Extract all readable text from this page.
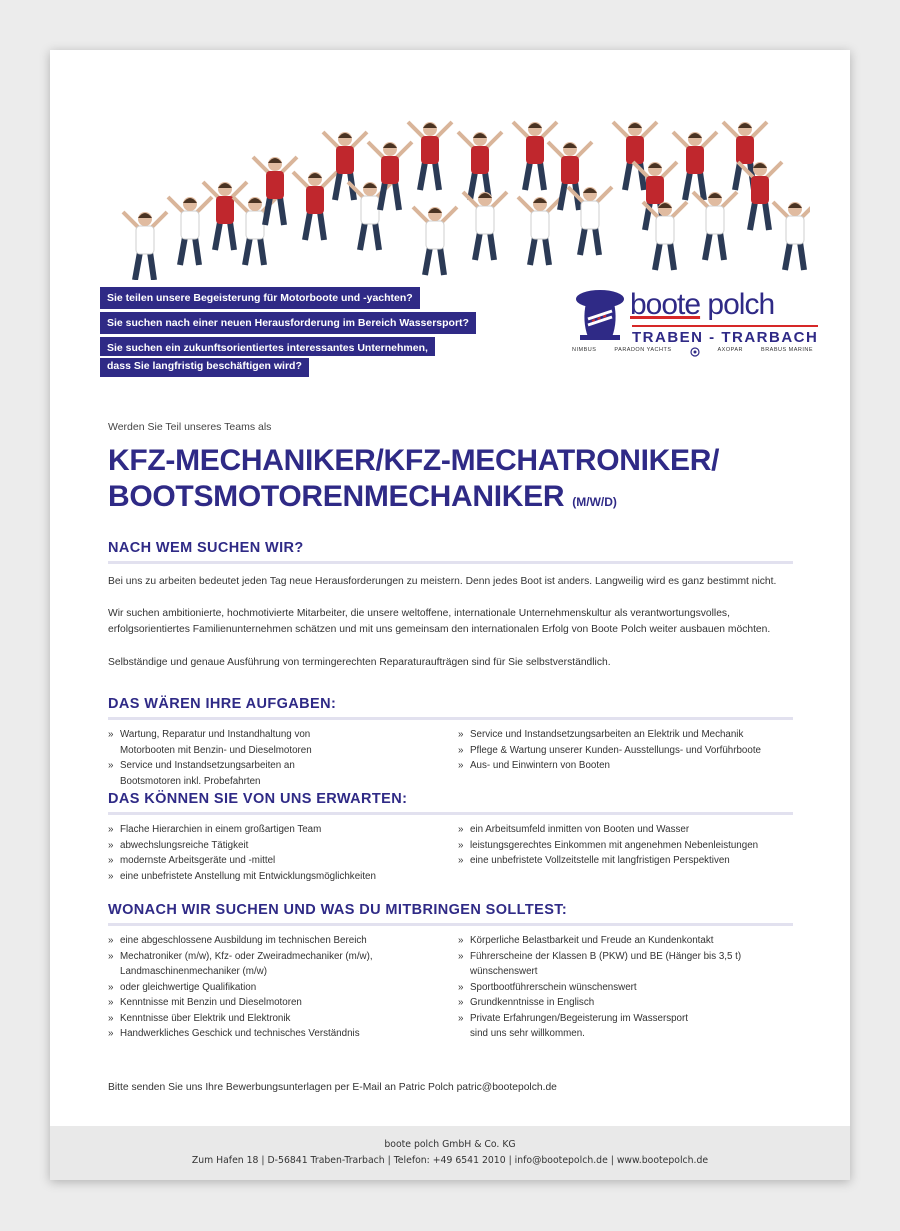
Sie teilen unsere Begeisterung für Motorboote und -yachten?
Sie suchen nach einer neuen Herausforderung im Bereich Wassersport?
Sie suchen ein zukunftsorientiertes interessantes Unternehmen,
dass Sie langfristig beschäftigen wird?
boote polch
TRABEN - TRARBACH
NIMBUS	PARADON YACHTS	AXOPAR	BRABUS MARINE
Werden Sie Teil unseres Teams als
KFZ-MECHANIKER/KFZ-MECHATRONIKER/
BOOTSMOTORENMECHANIKER (M/W/D)
NACH WEM SUCHEN WIR?
Bei uns zu arbeiten bedeutet jeden Tag neue Herausforderungen zu meistern. Denn jedes Boot ist anders. Langweilig wird es ganz bestimmt nicht.
Wir suchen ambitionierte, hochmotivierte Mitarbeiter, die unsere weltoffene, internationale Unternehmenskultur als verantwortungsvolles, erfolgsorientiertes Familienunternehmen schätzen und mit uns gemeinsam den internationalen Erfolg von Boote Polch weiter ausbauen möchten.
Selbständige und genaue Ausführung von termingerechten Reparaturaufträgen sind für Sie selbstverständlich.
DAS WÄREN IHRE AUFGABEN:
» Wartung, Reparatur und Instandhaltung von Motorbooten mit Benzin- und Dieselmotoren
» Service und Instandsetzungsarbeiten an Bootsmotoren inkl. Probefahrten
» Service und Instandsetzungsarbeiten an Elektrik und Mechanik
» Pflege & Wartung unserer Kunden- Ausstellungs- und Vorführboote
» Aus- und Einwintern von Booten
DAS KÖNNEN SIE VON UNS ERWARTEN:
» Flache Hierarchien in einem großartigen Team
» abwechslungsreiche Tätigkeit
» modernste Arbeitsgeräte und -mittel
» eine unbefristete Anstellung mit Entwicklungsmöglichkeiten
» ein Arbeitsumfeld inmitten von Booten und Wasser
» leistungsgerechtes Einkommen mit angenehmen Nebenleistungen
» eine unbefristete Vollzeitstelle mit langfristigen Perspektiven
WONACH WIR SUCHEN UND WAS DU MITBRINGEN SOLLTEST:
» eine abgeschlossene Ausbildung im technischen Bereich
» Mechatroniker (m/w), Kfz- oder Zweiradmechaniker (m/w), Landmaschinenmechaniker (m/w)
» oder gleichwertige Qualifikation
» Kenntnisse mit Benzin und Dieselmotoren
» Kenntnisse über Elektrik und Elektronik
» Handwerkliches Geschick und technisches Verständnis
» Körperliche Belastbarkeit und Freude an Kundenkontakt
» Führerscheine der Klassen B (PKW) und BE (Hänger bis 3,5 t) wünschenswert
» Sportbootführerschein wünschenswert
» Grundkenntnisse in Englisch
» Private Erfahrungen/Begeisterung im Wassersport sind uns sehr willkommen.
Bitte senden Sie uns Ihre Bewerbungsunterlagen per E-Mail an Patric Polch patric@bootepolch.de
boote polch GmbH & Co. KG
Zum Hafen 18 | D-56841 Traben-Trarbach | Telefon: +49 6541 2010 | info@bootepolch.de | www.bootepolch.de
